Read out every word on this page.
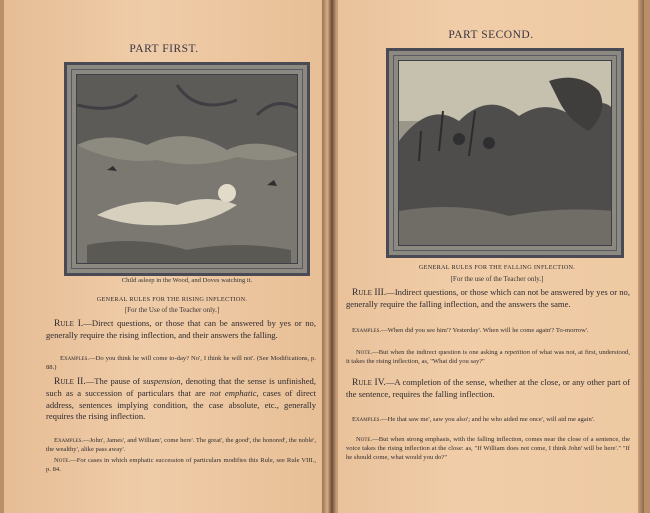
PART FIRST.
Child asleep in the Wood, and Doves watching it.
GENERAL RULES FOR THE RISING INFLECTION.
[For the Use of the Teacher only.]
Rule I.—Direct questions, or those that can be answered by yes or no, generally require the rising inflection, and their answers the falling.
Examples.—Do you think he will come to-day? No', I think he will not'. (See Modifications, p. 88.)
Rule II.—The pause of suspension, denoting that the sense is unfinished, such as a succession of particulars that are not emphatic, cases of direct address, sentences implying condition, the case absolute, etc., generally requires the rising inflection.
Examples.—John', James', and William', come here'. The great', the good', the honored', the noble', the wealthy', alike pass away'.
Note.—For cases in which emphatic succession of particulars modifies this Rule, see Rule VIII., p. 84.
PART SECOND.
GENERAL RULES FOR THE FALLING INFLECTION.
[For the use of the Teacher only.]
Rule III.—Indirect questions, or those which can not be answered by yes or no, generally require the falling inflection, and the answers the same.
Examples.—When did you see him'? Yesterday'. When will he come again'? To-morrow'.
Note.—But when the indirect question is one asking a repetition of what was not, at first, understood, it takes the rising inflection, as, "What did you say?"
Rule IV.—A completion of the sense, whether at the close, or any other part of the sentence, requires the falling inflection.
Examples.—He that saw me', saw you also'; and he who aided me once', will aid me again'.
Note.—But when strong emphasis, with the falling inflection, comes near the close of a sentence, the voice takes the rising inflection at the close: as, "If William does not come, I think John' will be here'." "If he should come, what would you do?"
